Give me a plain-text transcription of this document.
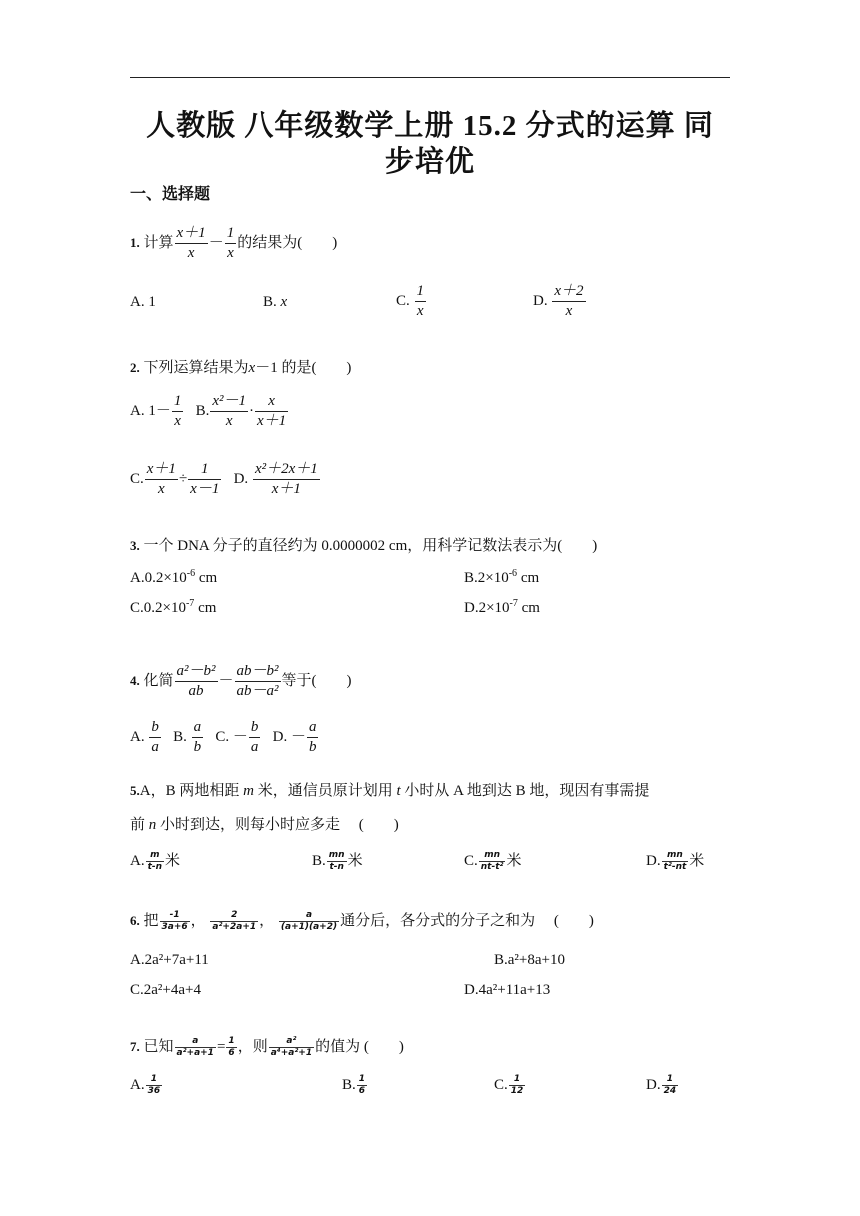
人教版 八年级数学上册 15.2 分式的运算 同
步培优
一、选择题
1. 计算 $\frac{x+1}{x} - \frac{1}{x}$ 的结果为(　　)
A. 1	B. x	C. $\frac{1}{x}$	D. $\frac{x+2}{x}$
2. 下列运算结果为x－1 的是(　　)
A. $1- \frac{1}{x} B$. $\frac{\text{x²－1}}{x} \cdot \frac{x}{x+1}$
C. $\frac{x+1}{x} \div \frac{1}{x-1} D$. $\frac{\text{x²＋2x＋1}}{x+1}$
3. 一个 DNA 分子的直径约为 0.0000002 cm，用科学记数法表示为(　　)
$A.0.2\times 10^{-6}$ cm	$B.2\times 10^{-6}$ cm
$C.0.2\times 10^{-7}$ cm	$D.2\times 10^{-7}$ cm
4. 化简 $\frac{\text{a²－b²}}{ab} - \frac{\text{ab－b²}}{\text{ab－a²}}$ 等于(　　)
A. $\frac{b}{a} B$. $\frac{a}{b} C$. － $\frac{b}{a} D$. － $\frac{a}{b}$
5.A，B 两地相距 m 米，通信员原计划用 t 小时从 A 地到达 B 地，现因有事需提
前 n 小时到达，则每小时应多走　 (　　)
A. $\frac{m}{t-n}$ 米	B. $\frac{mn}{t-n}$ 米	C. $\frac{mn}{\text{nt-t²}}$ 米	D. $\frac{mn}{\text{t²-nt}}$ 米
6. 把 $\frac{-1}{3a+6}$ ， $\frac{2}{\text{a²+2a+1}}$ ， $\frac{a}{(a+1)(a+2)}$ 通分后，各分式的分子之和为　 (　　)
A.2a²+7a+11	B.a²+8a+10
C.2a²+4a+4	D.4a²+11a+13
7. 已知 $\frac{a}{\text{a²+a+1}} = \frac{1}{6}$ ，则 $\frac{\text{a²}}{\text{a⁴+a²+1}}$ 的值为 (　　)
A. $\frac{1}{36}$	B. $\frac{1}{6}$	C. $\frac{1}{12}$	D. $\frac{1}{24}$
